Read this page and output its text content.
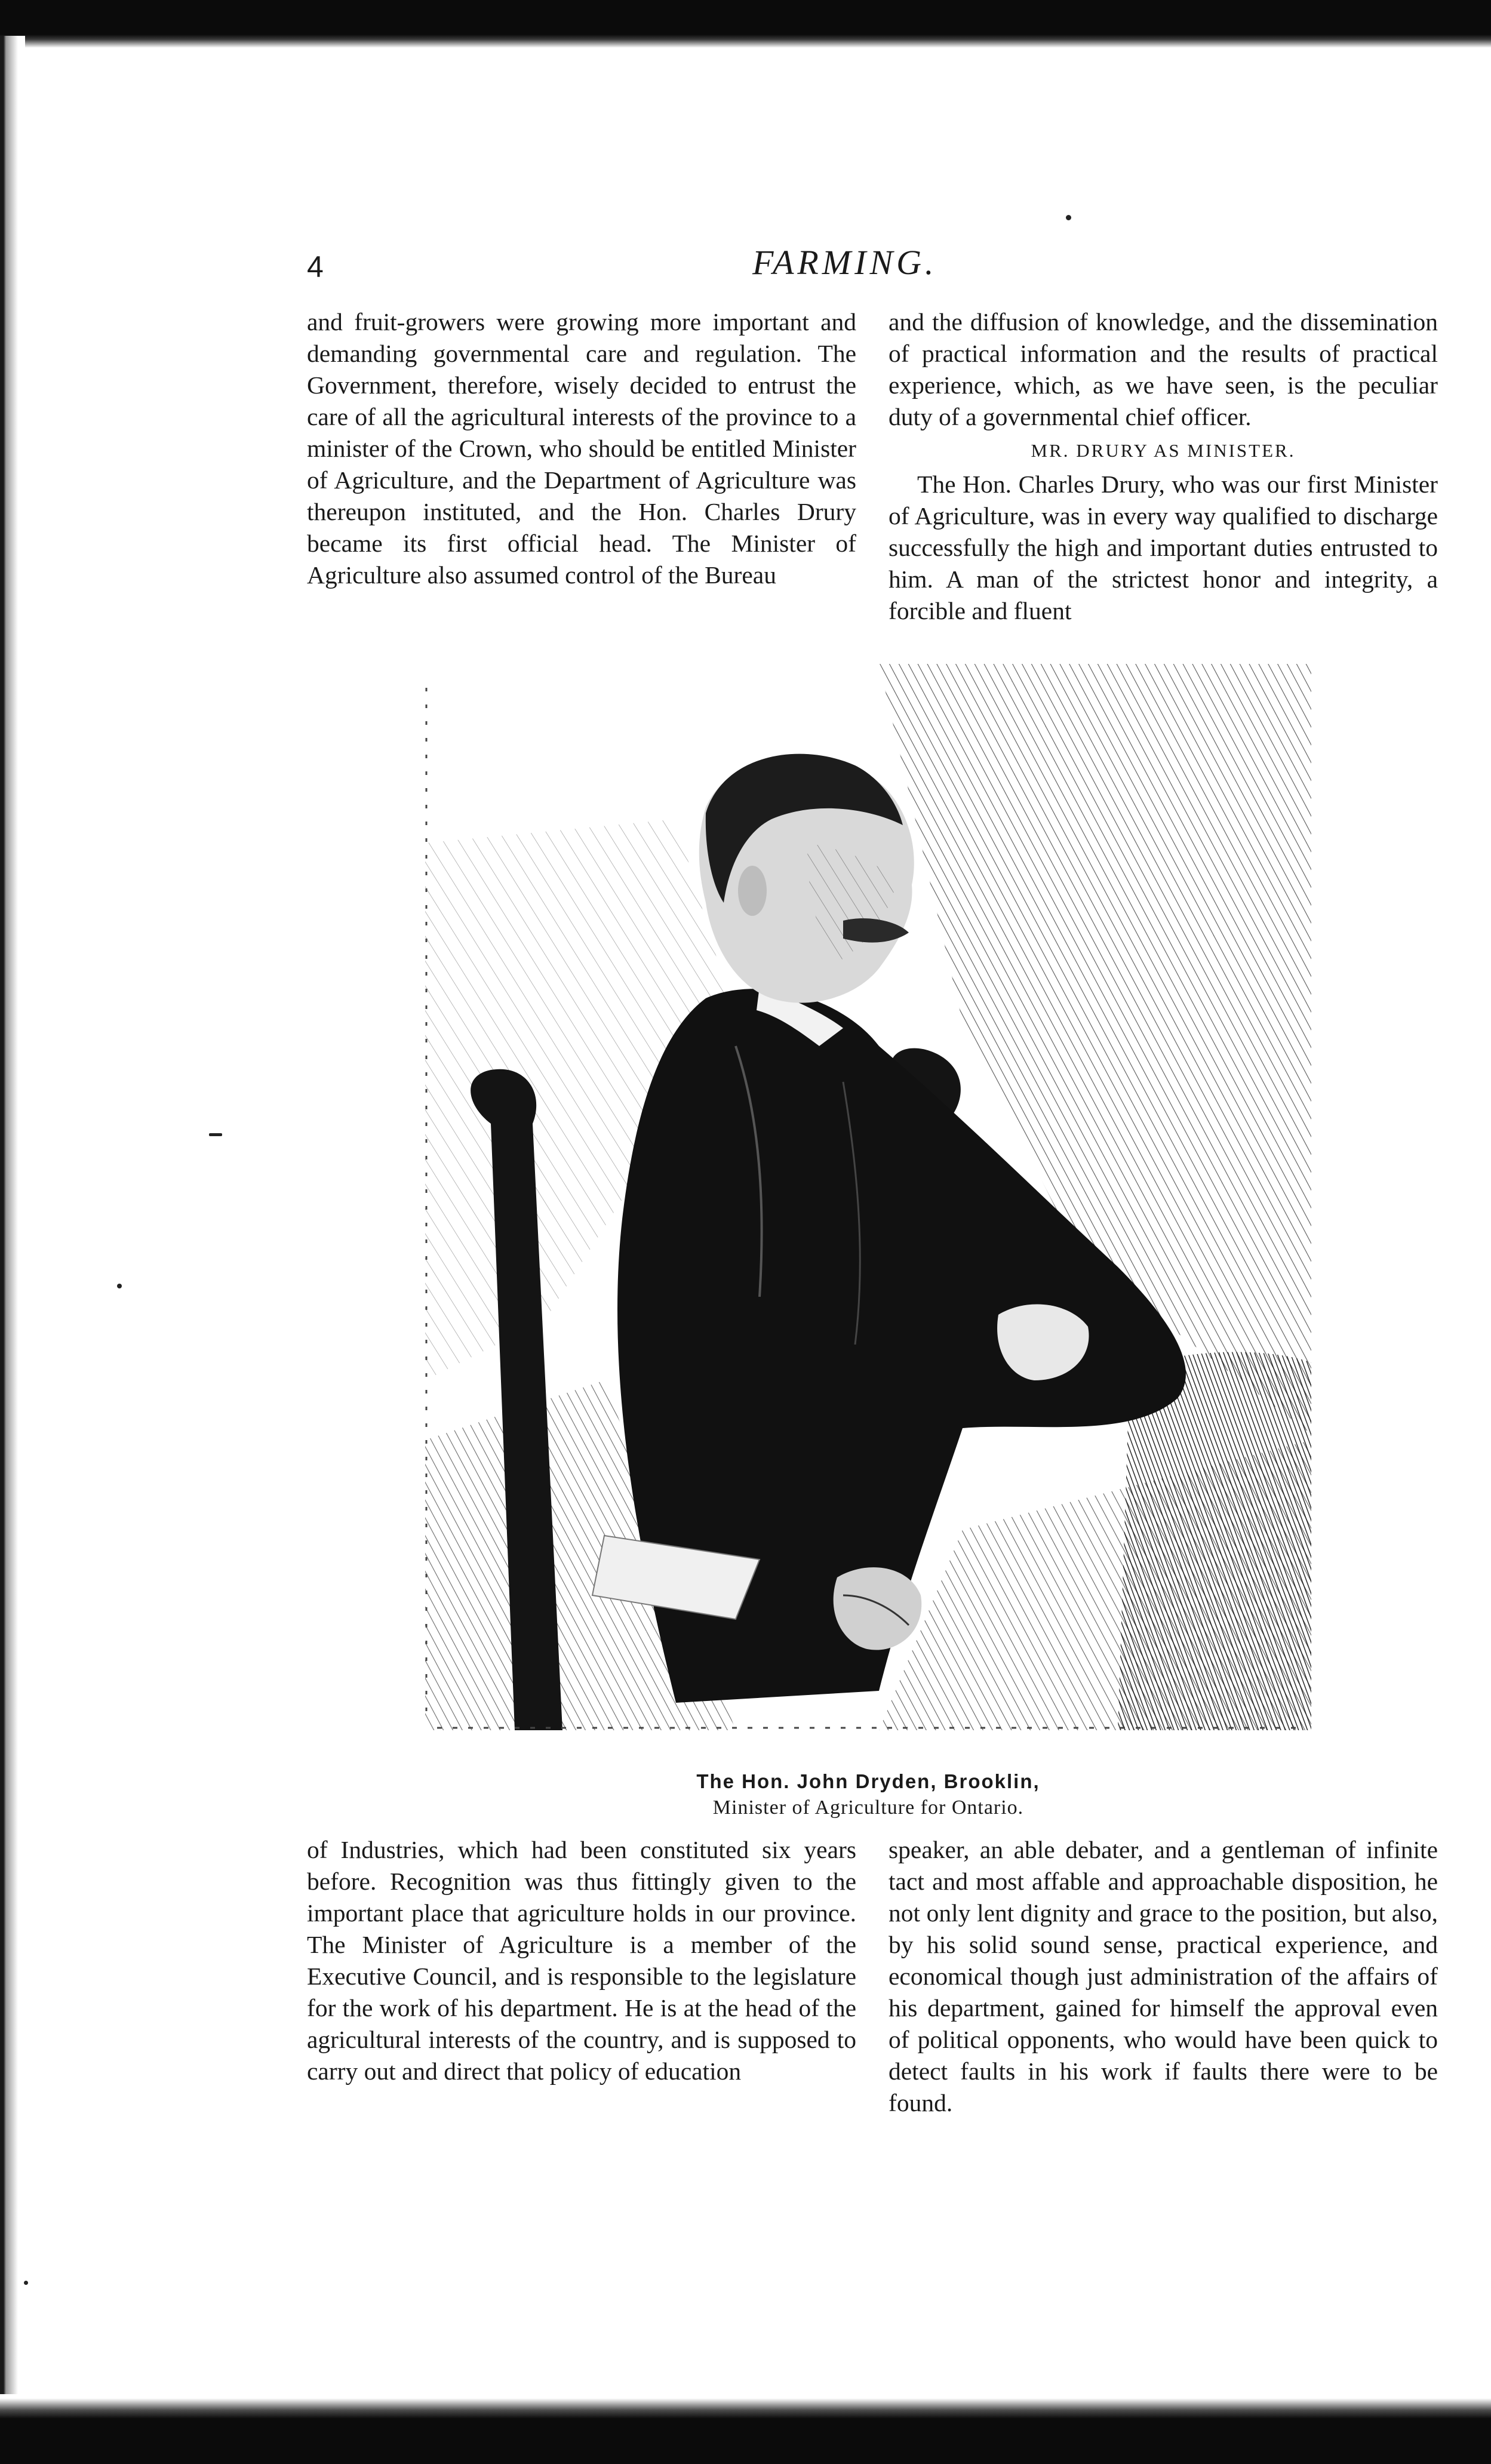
4	FARMING.

and fruit-growers were growing more important and demanding governmental care and regulation. The Government, therefore, wisely decided to entrust the care of all the agricultural interests of the province to a minister of the Crown, who should be entitled Minister of Agriculture, and the Department of Agriculture was thereupon instituted, and the Hon. Charles Drury became its first official head. The Minister of Agriculture also assumed control of the Bureau

and the diffusion of knowledge, and the dissemination of practical information and the results of practical experience, which, as we have seen, is the peculiar duty of a governmental chief officer.

MR. DRURY AS MINISTER.

The Hon. Charles Drury, who was our first Minister of Agriculture, was in every way qualified to discharge successfully the high and important duties entrusted to him. A man of the strictest honor and integrity, a forcible and fluent

The Hon. John Dryden, Brooklin,
Minister of Agriculture for Ontario.

of Industries, which had been constituted six years before. Recognition was thus fittingly given to the important place that agriculture holds in our province. The Minister of Agriculture is a member of the Executive Council, and is responsible to the legislature for the work of his department. He is at the head of the agricultural interests of the country, and is supposed to carry out and direct that policy of education

speaker, an able debater, and a gentleman of infinite tact and most affable and approachable disposition, he not only lent dignity and grace to the position, but also, by his solid sound sense, practical experience, and economical though just administration of the affairs of his department, gained for himself the approval even of political opponents, who would have been quick to detect faults in his work if faults there were to be found.
